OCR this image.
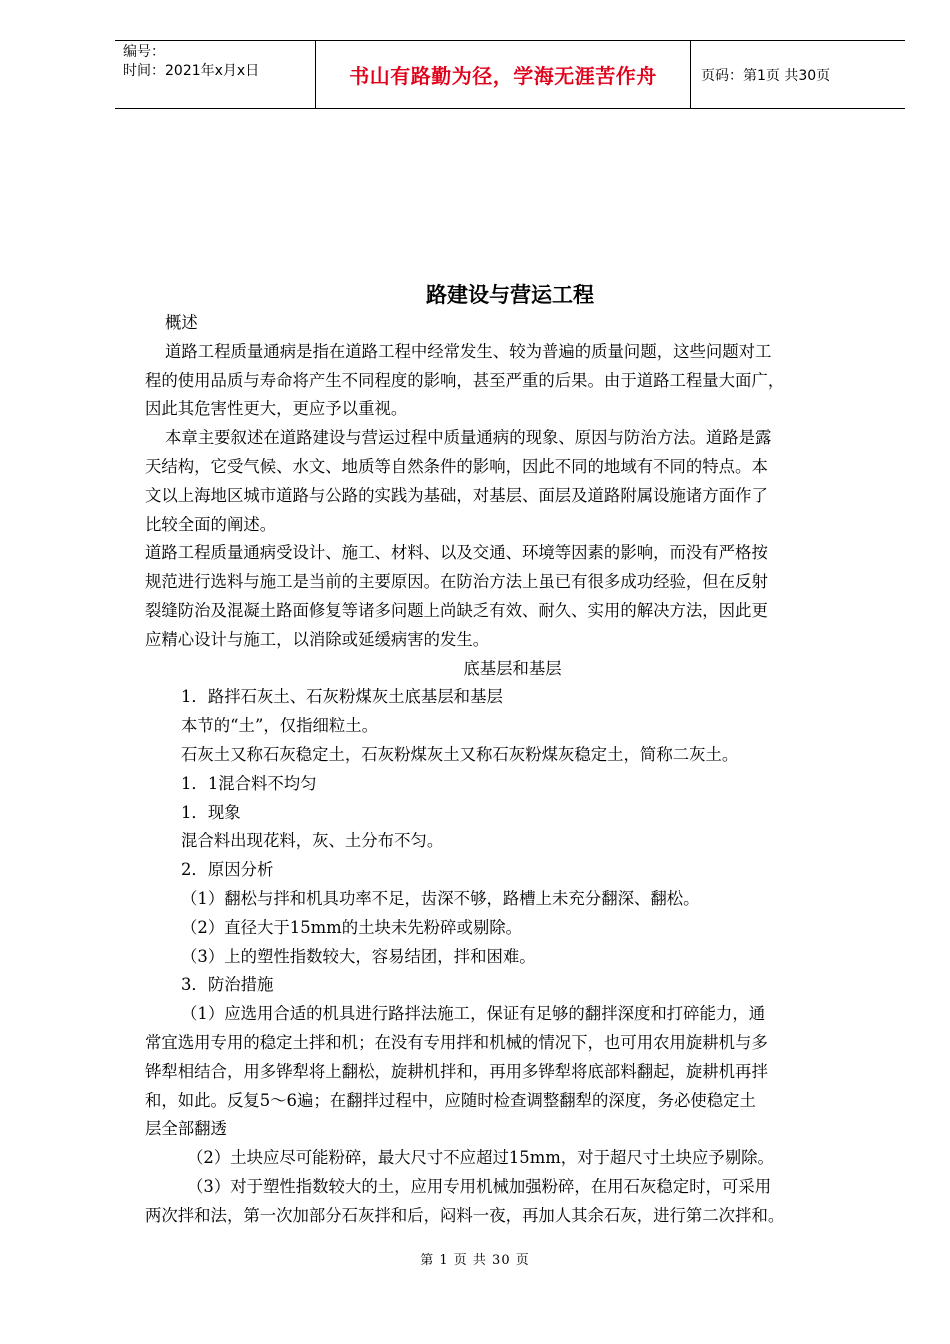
编号：
时间：2021年x月x日	书山有路勤为径，学海无涯苦作舟	页码：第1页 共30页
路建设与营运工程

概述

道路工程质量通病是指在道路工程中经常发生、较为普遍的质量问题，这些问题对工

程的使用品质与寿命将产生不同程度的影响，甚至严重的后果。由于道路工程量大面广，

因此其危害性更大，更应予以重视。

本章主要叙述在道路建设与营运过程中质量通病的现象、原因与防治方法。道路是露

天结构，它受气候、水文、地质等自然条件的影响，因此不同的地域有不同的特点。本

文以上海地区城市道路与公路的实践为基础，对基层、面层及道路附属设施诸方面作了

比较全面的阐述。

道路工程质量通病受设计、施工、材料、以及交通、环境等因素的影响，而没有严格按

规范进行选料与施工是当前的主要原因。在防治方法上虽已有很多成功经验，但在反射

裂缝防治及混凝土路面修复等诸多问题上尚缺乏有效、耐久、实用的解决方法，因此更

应精心设计与施工，以消除或延缓病害的发生。

底基层和基层

1．路拌石灰土、石灰粉煤灰土底基层和基层

本节的“土”，仅指细粒土。

石灰土又称石灰稳定土，石灰粉煤灰土又称石灰粉煤灰稳定土，简称二灰土。

1．1混合料不均匀

1．现象

混合料出现花料，灰、土分布不匀。

2．原因分析

（1）翻松与拌和机具功率不足，齿深不够，路槽上未充分翻深、翻松。

（2）直径大于15mm的土块未先粉碎或剔除。

（3）上的塑性指数较大，容易结团，拌和困难。

3．防治措施

（1）应选用合适的机具进行路拌法施工，保证有足够的翻拌深度和打碎能力，通

常宜选用专用的稳定土拌和机；在没有专用拌和机械的情况下，也可用农用旋耕机与多

铧犁相结合，用多铧犁将上翻松，旋耕机拌和，再用多铧犁将底部料翻起，旋耕机再拌

和，如此。反复5～6遍；在翻拌过程中，应随时检查调整翻犁的深度，务必使稳定土

层全部翻透

（2）土块应尽可能粉碎，最大尺寸不应超过15mm，对于超尺寸土块应予剔除。

（3）对于塑性指数较大的土，应用专用机械加强粉碎，在用石灰稳定时，可采用

两次拌和法，第一次加部分石灰拌和后，闷料一夜，再加人其余石灰，进行第二次拌和。

第 1 页 共 30 页
